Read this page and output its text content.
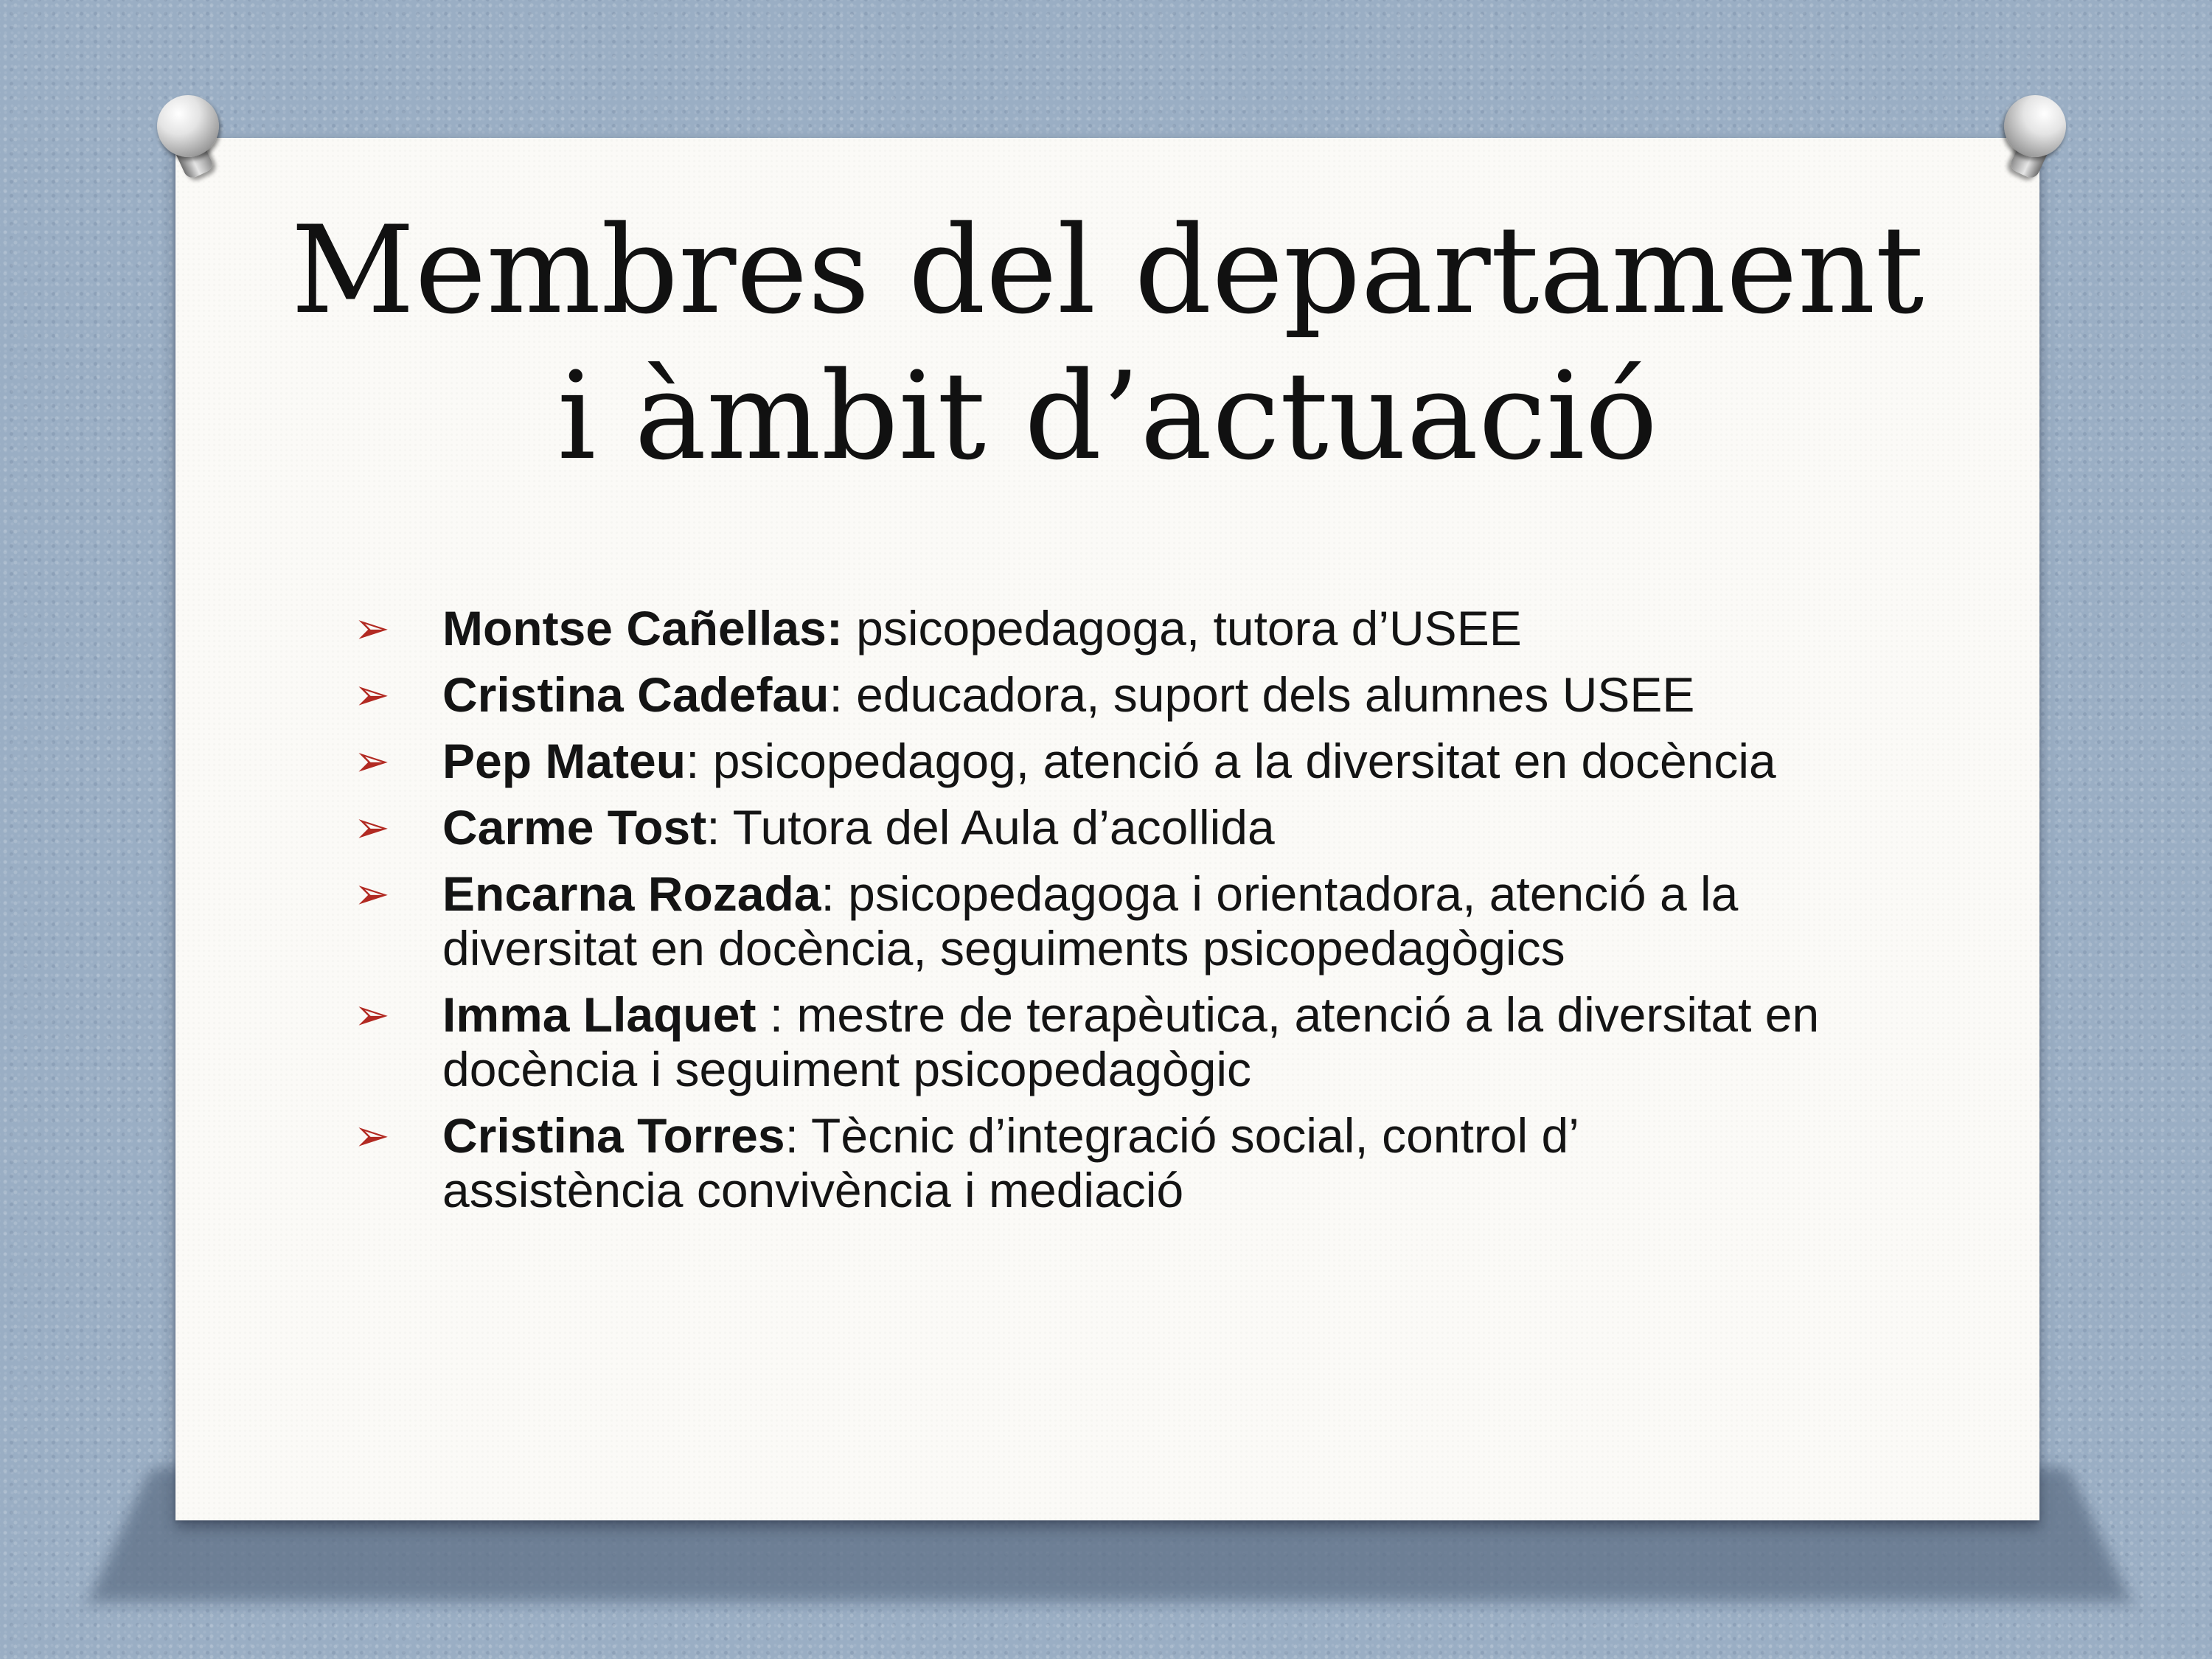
Membres del departament
i àmbit d’actuació
➢ Montse Cañellas: psicopedagoga, tutora d’USEE
➢ Cristina Cadefau: educadora, suport dels alumnes USEE
➢ Pep Mateu: psicopedagog, atenció a la diversitat en docència
➢ Carme Tost: Tutora del Aula d’acollida
➢ Encarna Rozada: psicopedagoga i orientadora, atenció a la diversitat en docència, seguiments psicopedagògics
➢ Imma Llaquet : mestre de terapèutica, atenció a la diversitat en docència i seguiment psicopedagògic
➢ Cristina Torres: Tècnic d’integració social, control d’ assistència convivència i mediació
